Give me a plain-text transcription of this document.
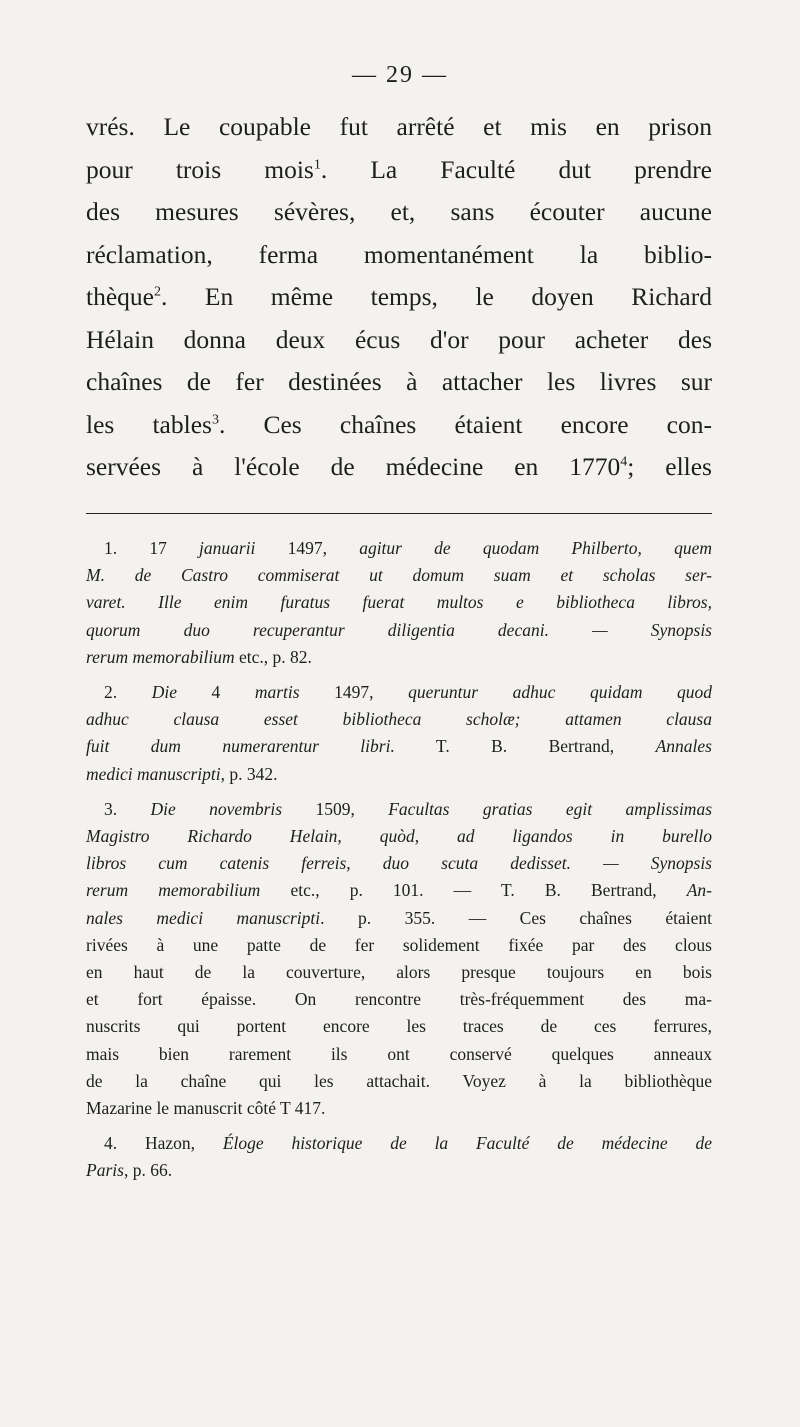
— 29 —
vrés. Le coupable fut arrêté et mis en prison
pour trois mois$^1$. La Faculté dut prendre
des mesures sévères, et, sans écouter aucune
réclamation, ferma momentanément la biblio-
thèque$^2$. En même temps, le doyen Richard
Hélain donna deux écus d'or pour acheter des
chaînes de fer destinées à attacher les livres sur
les tables$^3$. Ces chaînes étaient encore con-
servées à l'école de médecine en 1770$^4$; elles
1. 17 januarii 1497, agitur de quodam Philberto, quem
M. de Castro commiserat ut domum suam et scholas ser-
varet. Ille enim furatus fuerat multos e bibliotheca libros,
quorum duo recuperantur diligentia decani. — Synopsis
rerum memorabilium etc., p. 82.
2. Die 4 martis 1497, queruntur adhuc quidam quod
adhuc clausa esset bibliotheca scholæ; attamen clausa
fuit dum numerarentur libri. T. B. Bertrand, Annales
medici manuscripti, p. 342.
3. Die novembris 1509, Facultas gratias egit amplissimas
Magistro Richardo Helain, quòd, ad ligandos in burello
libros cum catenis ferreis, duo scuta dedisset. — Synopsis
rerum memorabilium etc., p. 101. — T. B. Bertrand, An-
nales medici manuscripti. p. 355. — Ces chaînes étaient
rivées à une patte de fer solidement fixée par des clous
en haut de la couverture, alors presque toujours en bois
et fort épaisse. On rencontre très-fréquemment des ma-
nuscrits qui portent encore les traces de ces ferrures,
mais bien rarement ils ont conservé quelques anneaux
de la chaîne qui les attachait. Voyez à la bibliothèque
Mazarine le manuscrit côté T 417.
4. Hazon, Éloge historique de la Faculté de médecine de
Paris, p. 66.
